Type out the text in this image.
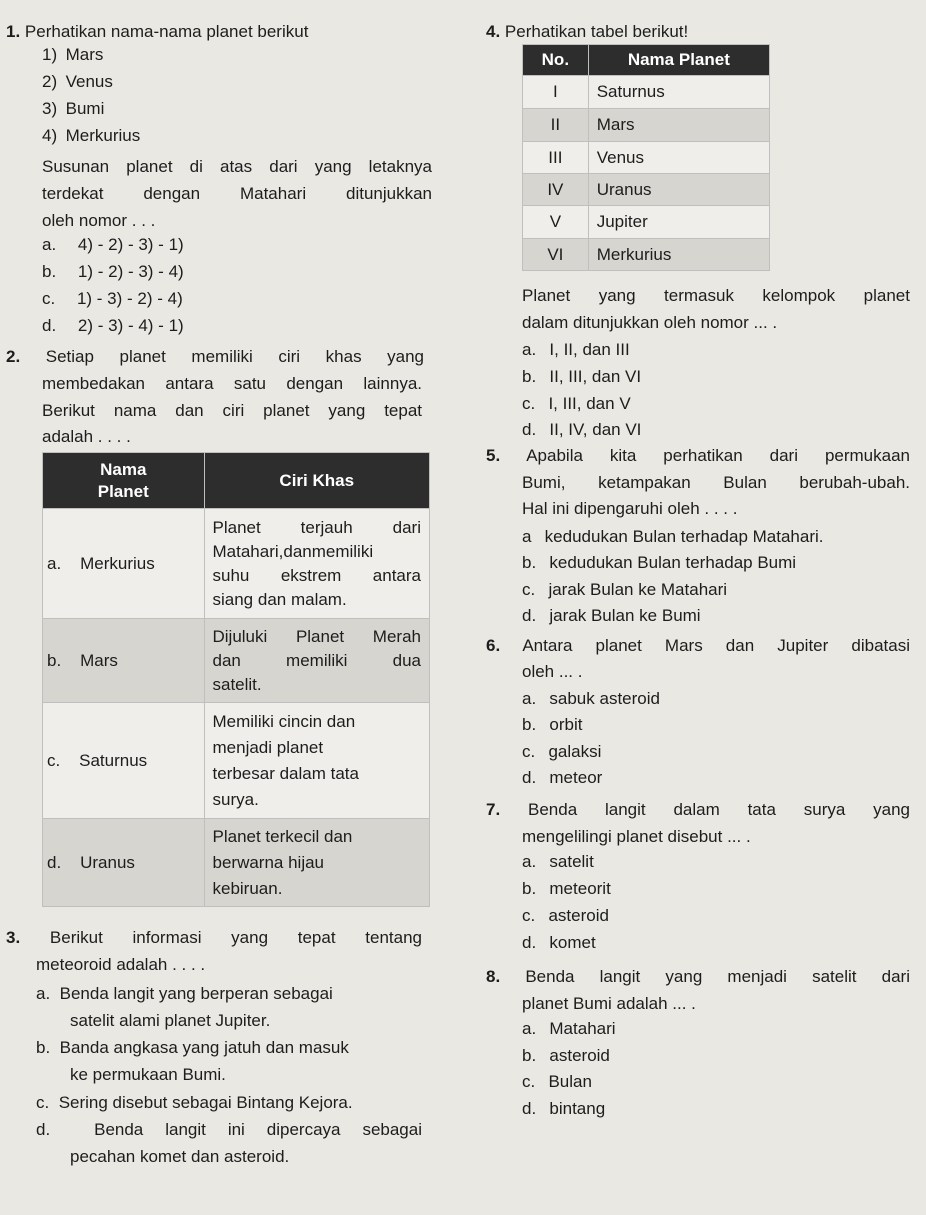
1. Perhatikan nama-nama planet berikut
1) Mars
2) Venus
3) Bumi
4) Merkurius
Susunan planet di atas dari yang letaknya
terdekat dengan Matahari ditunjukkan
oleh nomor . . .
a.  4) - 2) - 3) - 1)
b.  1) - 2) - 3) - 4)
c.  1) - 3) - 2) - 4)
d.  2) - 3) - 4) - 1)
2. Setiap planet memiliki ciri khas yang
membedakan antara satu dengan lainnya.
Berikut nama dan ciri planet yang tepat
adalah . . . .
Nama Planet	Ciri Khas
a. Merkurius	Planet terjauh dari
Matahari,danmemiliki
suhu ekstrem antara
siang dan malam.

b. Mars	Dijuluki Planet Merah
dan memiliki dua
satelit.

c. Saturnus	Memiliki cincin dan
menjadi planet
terbesar dalam tata
surya.

d. Uranus	Planet terkecil dan
berwarna hijau
kebiruan.
3. Berikut informasi yang tepat tentang
meteoroid adalah . . . .
a. Benda langit yang berperan sebagai
satelit alami planet Jupiter.
b. Banda angkasa yang jatuh dan masuk
ke permukaan Bumi.
c. Sering disebut sebagai Bintang Kejora.
d.	Benda langit ini dipercaya sebagai
pecahan komet dan asteroid.
4. Perhatikan tabel berikut!
No.	Nama Planet
I	Saturnus
II	Mars
III	Venus
IV	Uranus
V	Jupiter
VI	Merkurius
Planet yang termasuk kelompok planet
dalam ditunjukkan oleh nomor ... .
a.  I, II, dan III
b.  II, III, dan VI
c.  I, III, dan V
d.  II, IV, dan VI
5. Apabila kita perhatikan dari permukaan
Bumi, ketampakan Bulan berubah-ubah.
Hal ini dipengaruhi oleh . . . .
a  kedudukan Bulan terhadap Matahari.
b.  kedudukan Bulan terhadap Bumi
c.  jarak Bulan ke Matahari
d.  jarak Bulan ke Bumi
6. Antara planet Mars dan Jupiter dibatasi
oleh ... .
a.  sabuk asteroid
b.  orbit
c.  galaksi
d.  meteor
7. Benda langit dalam tata surya yang
mengelilingi planet disebut ... .
a.  satelit
b.  meteorit
c.  asteroid
d.  komet
8. Benda langit yang menjadi satelit dari
planet Bumi adalah ... .
a.  Matahari
b.  asteroid
c.  Bulan
d.  bintang
